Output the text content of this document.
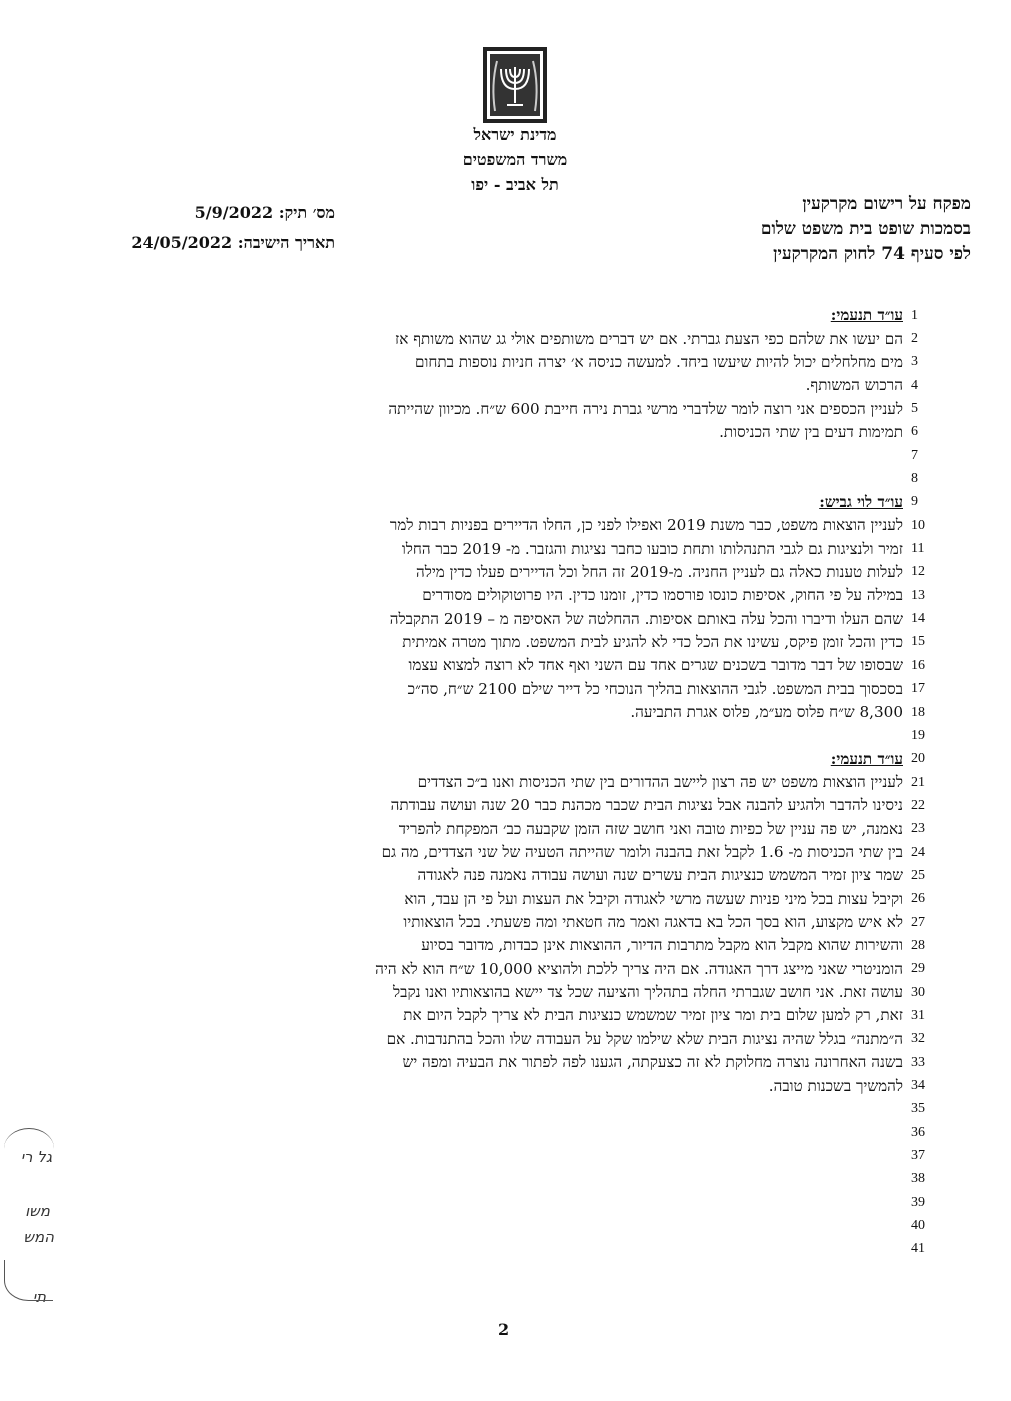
מדינת ישראל
משרד המשפטים
תל אביב - יפו
מפקח על רישום מקרקעין
בסמכות שופט בית משפט שלום
לפי סעיף 74 לחוק המקרקעין
מס׳ תיק: 5/9/2022
תאריך הישיבה: 24/05/2022
עו״ד תנעמי: 1
הם יעשו את שלהם כפי הצעת גברתי. אם יש דברים משותפים אולי גג שהוא משותף אז 2
מים מחלחלים יכול להיות שיעשו ביחד. למעשה כניסה א׳ יצרה חניות נוספות בתחום 3
הרכוש המשותף. 4
לעניין הכספים אני רוצה לומר שלדברי מרשי גברת נירה חייבת 600 ש״ח. מכיוון שהייתה 5
תמימות דעים בין שתי הכניסות. 6
7
8
עו״ד לוי גביש: 9
לעניין הוצאות משפט, כבר משנת 2019 ואפילו לפני כן, החלו הדיירים בפניות רבות למר 10
זמיר ולנציגות גם לגבי התנהלותו ותחת כובעו כחבר נציגות והגזבר. מ- 2019 כבר החלו 11
לעלות טענות כאלה גם לעניין החניה. מ-2019 זה החל וכל הדיירים פעלו כדין מילה 12
במילה על פי החוק, אסיפות כונסו פורסמו כדין, זומנו כדין. היו פרוטוקולים מסודרים 13
שהם העלו ודיברו והכל עלה באותם אסיפות. ההחלטה של האסיפה מ – 2019 התקבלה 14
כדין והכל זומן פיקס, עשינו את הכל כדי לא להגיע לבית המשפט. מתוך מטרה אמיתית 15
שבסופו של דבר מדובר בשכנים שגרים אחד עם השני ואף אחד לא רוצה למצוא עצמו 16
בסכסוך בבית המשפט. לגבי ההוצאות בהליך הנוכחי כל דייר שילם 2100 ש״ח, סה״כ 17
8,300 ש״ח פלוס מע״מ, פלוס אגרת התביעה. 18
19
עו״ד תנעמי: 20
לעניין הוצאות משפט יש פה רצון ליישב ההדורים בין שתי הכניסות ואנו ב״כ הצדדים 21
ניסינו להדבר ולהגיע להבנה אבל נציגות הבית שכבר מכהנת כבר 20 שנה ועושה עבודתה 22
נאמנה, יש פה עניין של כפיות טובה ואני חושב שזה הזמן שקבעה כב׳ המפקחת להפריד 23
בין שתי הכניסות מ- 1.6 לקבל זאת בהבנה ולומר שהייתה הטעיה של שני הצדדים, מה גם 24
שמר ציון זמיר המשמש כנציגות הבית עשרים שנה ועושה עבודה נאמנה פנה לאגודה 25
וקיבל עצות בכל מיני פניות שעשה מרשי לאגודה וקיבל את העצות ועל פי הן עבד, הוא 26
לא איש מקצוע, הוא בסך הכל בא בדאגה ואמר מה חטאתי ומה פשעתי. בכל הוצאותיו 27
והשירות שהוא מקבל הוא מקבל מתרבות הדיור, ההוצאות אינן כבדות, מדובר בסיוע 28
הומניטרי שאני מייצג דרך האגודה. אם היה צריך ללכת ולהוציא 10,000 ש״ח הוא לא היה 29
עושה זאת. אני חושב שגברתי החלה בתהליך והציעה שכל צד יישא בהוצאותיו ואנו נקבל 30
זאת, רק למען שלום בית ומר ציון זמיר שמשמש כנציגות הבית לא צריך לקבל היום את 31
ה״מתנה״ בגלל שהיה נציגות הבית שלא שילמו שקל על העבודה שלו והכל בהתנדבות. אם 32
בשנה האחרונה נוצרה מחלוקת לא זה כצעקתה, הגענו לפה לפתור את הבעיה ומפה יש 33
להמשיך בשכנות טובה. 34
35
36
37
38
39
40
41
2
גל רי
משו
המש
תי
